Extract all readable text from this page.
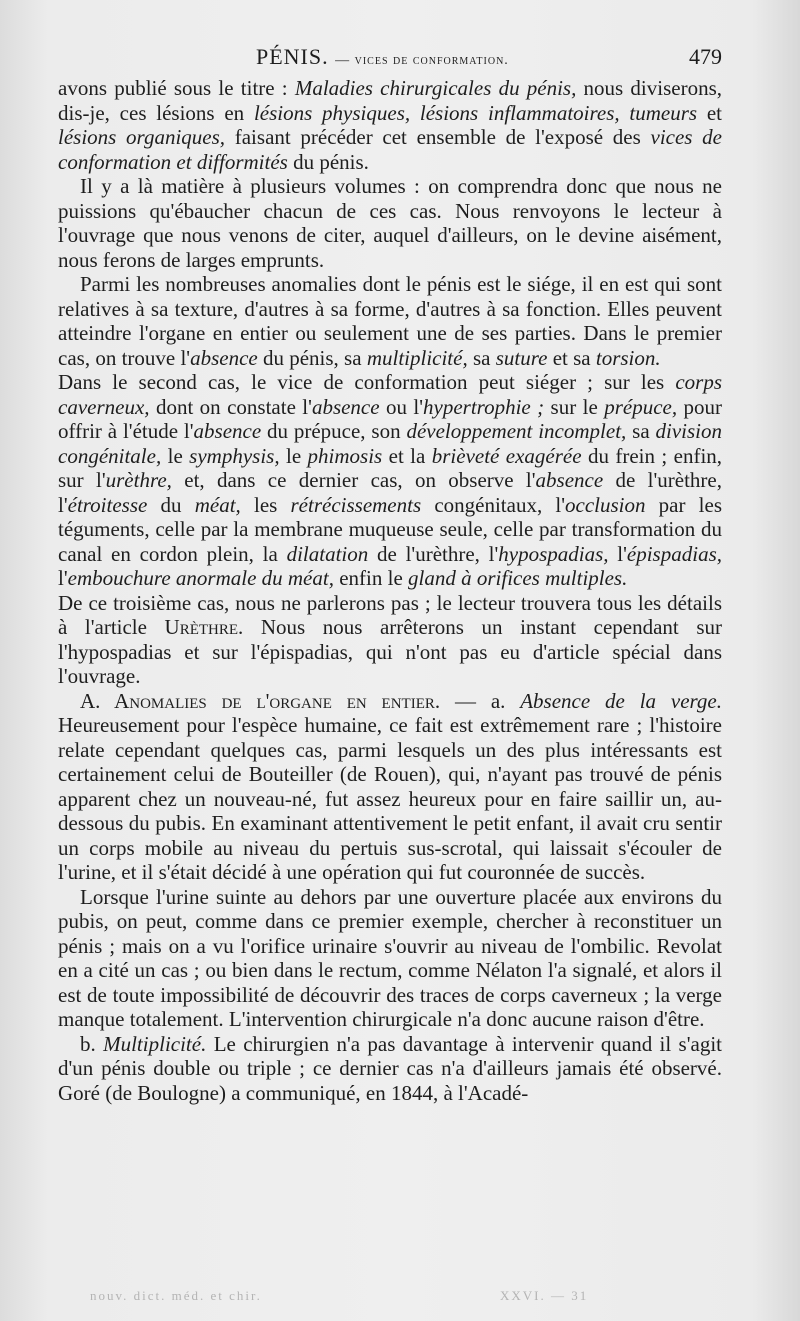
PÉNIS. — vices de conformation.	479

avons publié sous le titre : Maladies chirurgicales du pénis, nous diviserons, dis-je, ces lésions en lésions physiques, lésions inflammatoires, tumeurs et lésions organiques, faisant précéder cet ensemble de l'exposé des vices de conformation et difformités du pénis.

Il y a là matière à plusieurs volumes : on comprendra donc que nous ne puissions qu'ébaucher chacun de ces cas. Nous renvoyons le lecteur à l'ouvrage que nous venons de citer, auquel d'ailleurs, on le devine aisément, nous ferons de larges emprunts.

Parmi les nombreuses anomalies dont le pénis est le siége, il en est qui sont relatives à sa texture, d'autres à sa forme, d'autres à sa fonction. Elles peuvent atteindre l'organe en entier ou seulement une de ses parties. Dans le premier cas, on trouve l'absence du pénis, sa multiplicité, sa suture et sa torsion.

Dans le second cas, le vice de conformation peut siéger ; sur les corps caverneux, dont on constate l'absence ou l'hypertrophie ; sur le prépuce, pour offrir à l'étude l'absence du prépuce, son développement incomplet, sa division congénitale, le symphysis, le phimosis et la brièveté exagérée du frein ; enfin, sur l'urèthre, et, dans ce dernier cas, on observe l'absence de l'urèthre, l'étroitesse du méat, les rétrécissements congénitaux, l'occlusion par les téguments, celle par la membrane muqueuse seule, celle par transformation du canal en cordon plein, la dilatation de l'urèthre, l'hypospadias, l'épispadias, l'embouchure anormale du méat, enfin le gland à orifices multiples.

De ce troisième cas, nous ne parlerons pas ; le lecteur trouvera tous les détails à l'article Urèthre. Nous nous arrêterons un instant cependant sur l'hypospadias et sur l'épispadias, qui n'ont pas eu d'article spécial dans l'ouvrage.

A. Anomalies de l'organe en entier. — a. Absence de la verge. Heureusement pour l'espèce humaine, ce fait est extrêmement rare ; l'histoire relate cependant quelques cas, parmi lesquels un des plus intéressants est certainement celui de Bouteiller (de Rouen), qui, n'ayant pas trouvé de pénis apparent chez un nouveau-né, fut assez heureux pour en faire saillir un, au-dessous du pubis. En examinant attentivement le petit enfant, il avait cru sentir un corps mobile au niveau du pertuis sus-scrotal, qui laissait s'écouler de l'urine, et il s'était décidé à une opération qui fut couronnée de succès.

Lorsque l'urine suinte au dehors par une ouverture placée aux environs du pubis, on peut, comme dans ce premier exemple, chercher à reconstituer un pénis ; mais on a vu l'orifice urinaire s'ouvrir au niveau de l'ombilic. Revolat en a cité un cas ; ou bien dans le rectum, comme Nélaton l'a signalé, et alors il est de toute impossibilité de découvrir des traces de corps caverneux ; la verge manque totalement. L'intervention chirurgicale n'a donc aucune raison d'être.

b. Multiplicité. Le chirurgien n'a pas davantage à intervenir quand il s'agit d'un pénis double ou triple ; ce dernier cas n'a d'ailleurs jamais été observé. Goré (de Boulogne) a communiqué, en 1844, à l'Acadé-

nouv. dict. méd. et chir.	XXVI. — 31
